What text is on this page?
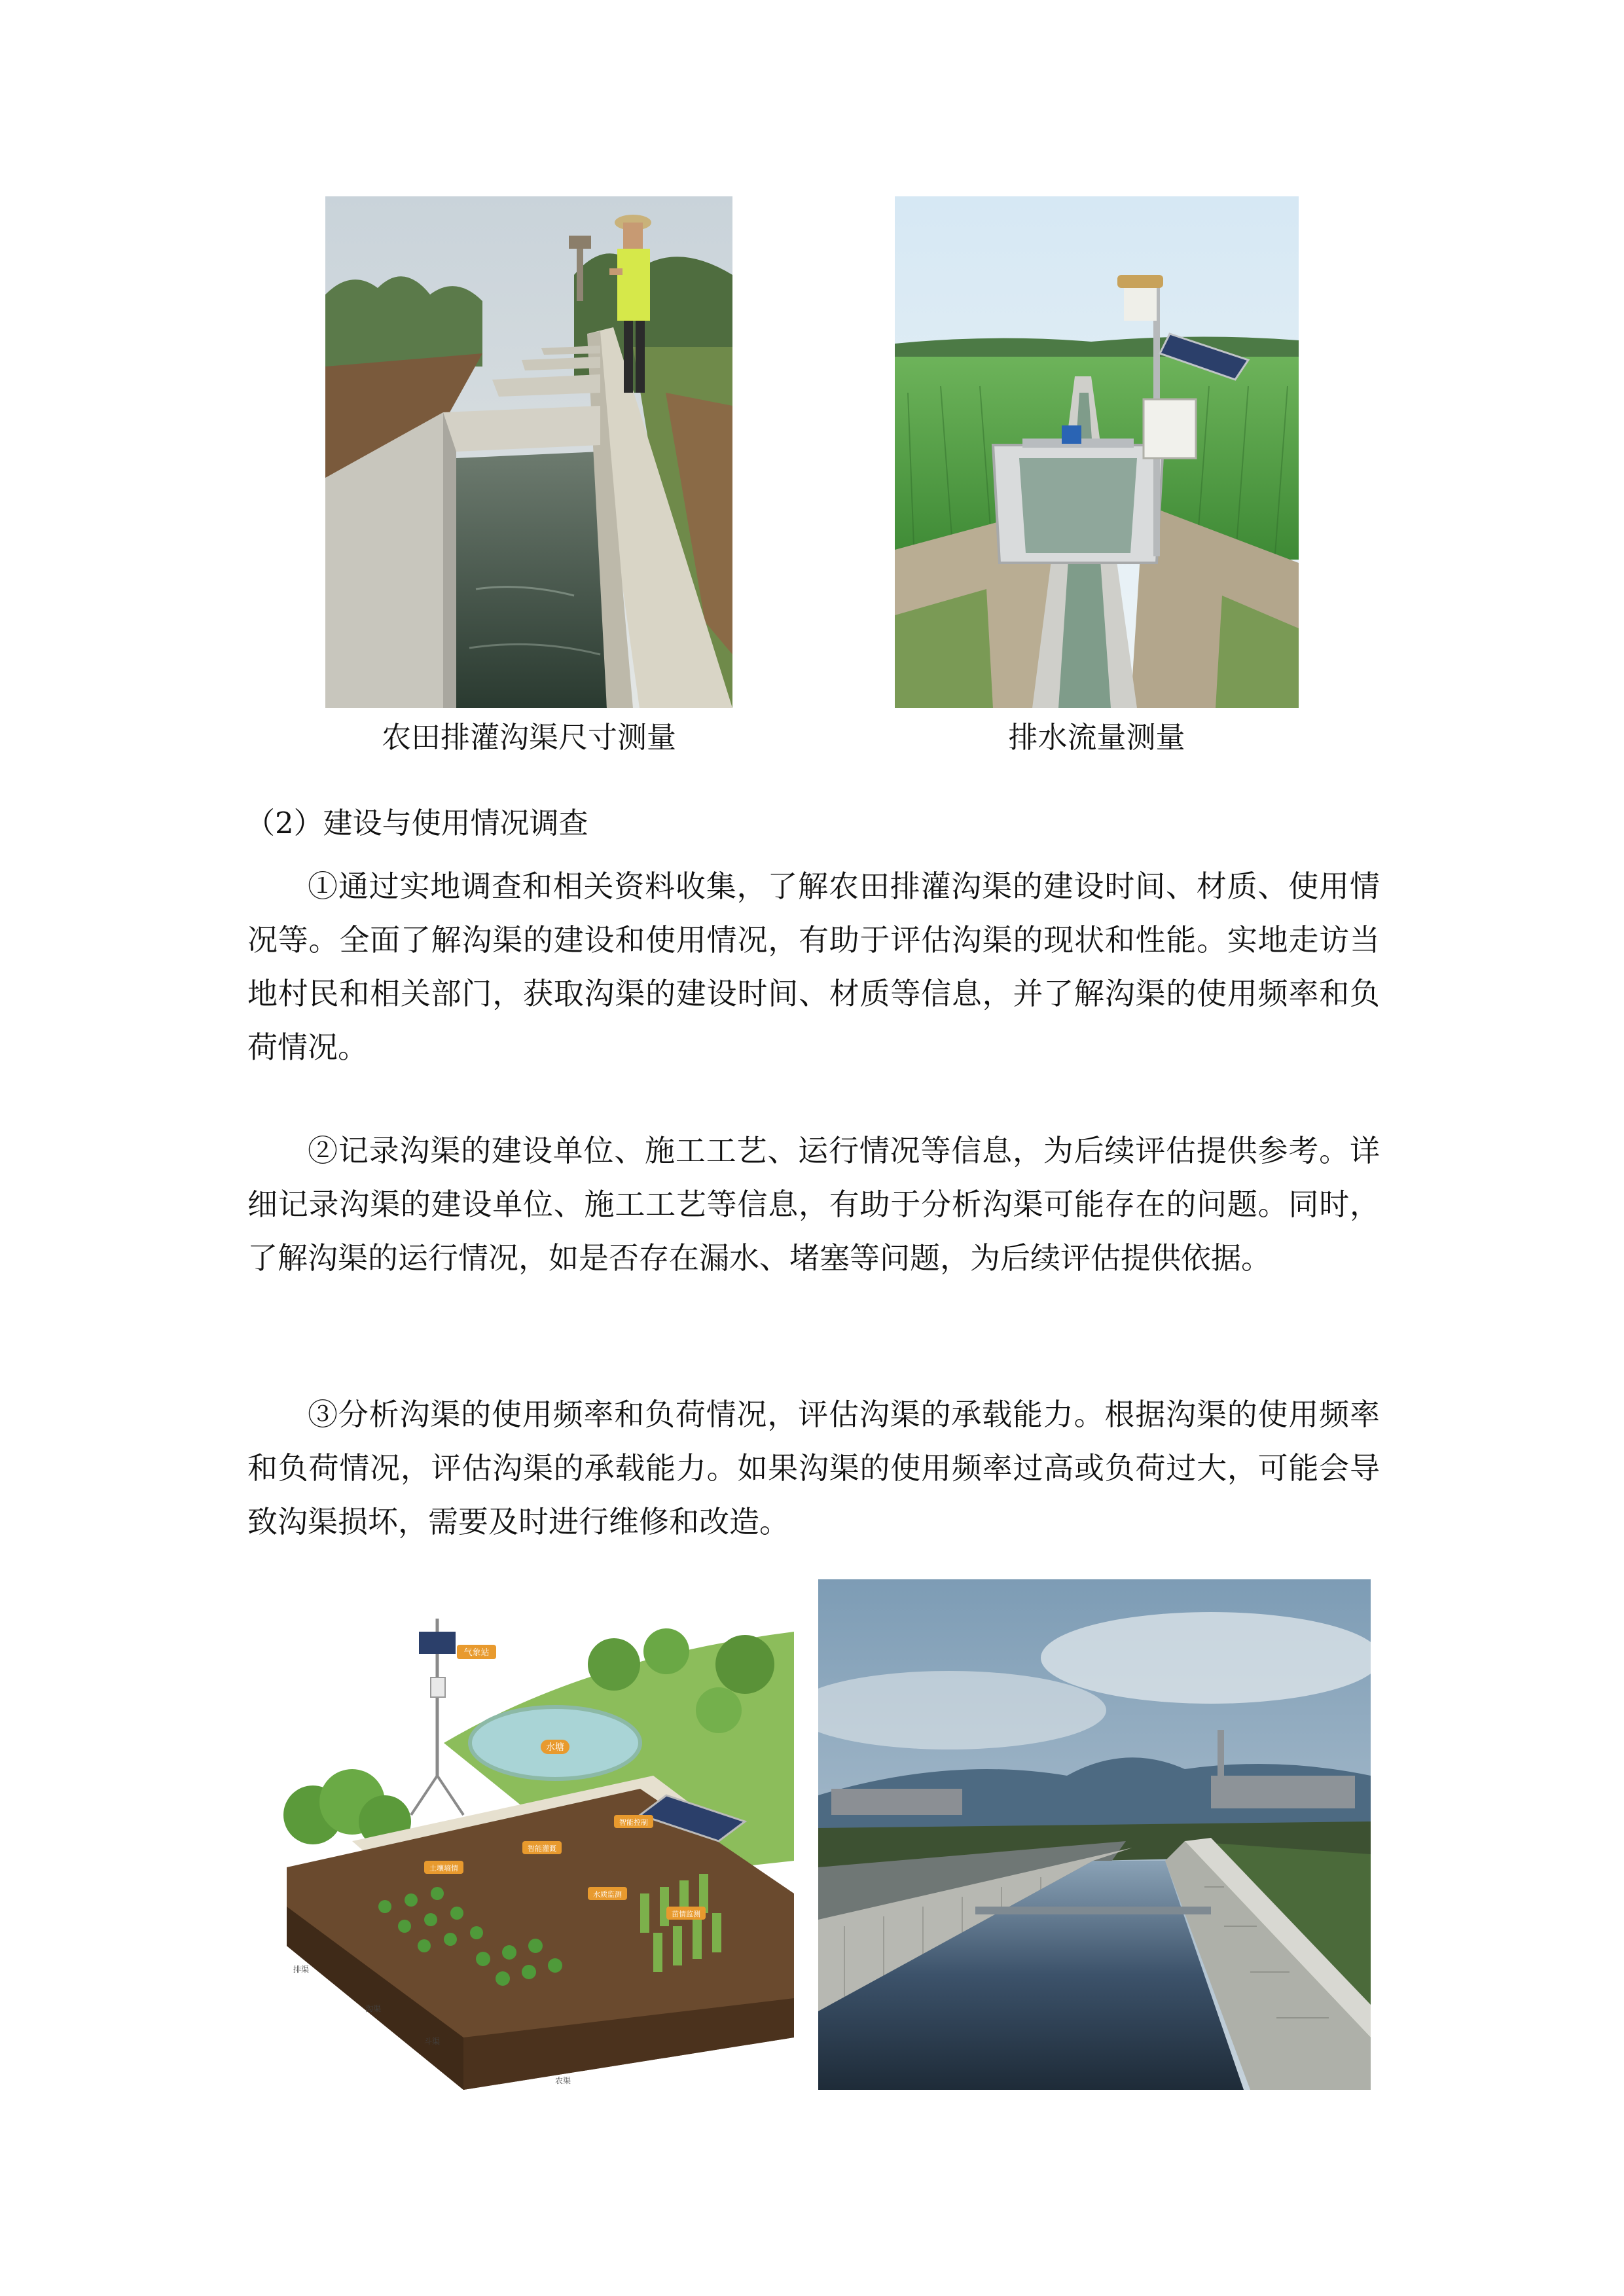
农田排灌沟渠尺寸测量	排水流量测量
（2）建设与使用情况调查

①通过实地调查和相关资料收集，了解农田排灌沟渠的建设时间、材质、使用情况等。全面了解沟渠的建设和使用情况，有助于评估沟渠的现状和性能。实地走访当地村民和相关部门，获取沟渠的建设时间、材质等信息，并了解沟渠的使用频率和负荷情况。

②记录沟渠的建设单位、施工工艺、运行情况等信息，为后续评估提供参考。详细记录沟渠的建设单位、施工工艺等信息，有助于分析沟渠可能存在的问题。同时，了解沟渠的运行情况，如是否存在漏水、堵塞等问题，为后续评估提供依据。

③分析沟渠的使用频率和负荷情况，评估沟渠的承载能力。根据沟渠的使用频率和负荷情况，评估沟渠的承载能力。如果沟渠的使用频率过高或负荷过大，可能会导致沟渠损坏，需要及时进行维修和改造。

水塘
气象站
土壤墒情
智能灌溉
水质监测
苗情监测
智能控制
排渠
沟渠
斗渠
农渠
